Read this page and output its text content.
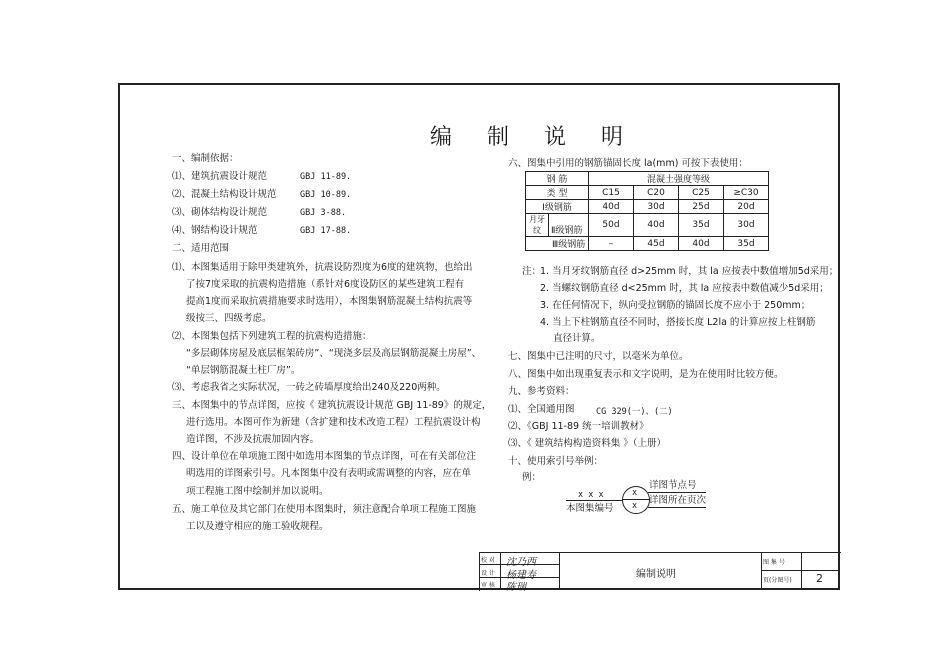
编 制 说 明
一、编制依据：
⑴、建筑抗震设计规范	GBJ 11-89.
⑵、混凝土结构设计规范	GBJ 10-89.
⑶、砌体结构设计规范	GBJ 3-88.
⑷、钢结构设计规范	GBJ 17-88.
二、适用范围
⑴、本图集适用于除甲类建筑外，抗震设防烈度为6度的建筑物，也给出
了按7度采取的抗震构造措施（系针对6度设防区的某些建筑工程有
提高1度而采取抗震措施要求时选用），本图集钢筋混凝土结构抗震等
级按三、四级考虑。
⑵、本图集包括下列建筑工程的抗震构造措施：
“多层砌体房屋及底层框架砖房”、“现浇多层及高层钢筋混凝土房屋”、
“单层钢筋混凝土柱厂房”。
⑶、考虑我省之实际状况，一砖之砖墙厚度给出240及220两种。
三、本图集中的节点详图，应按《 建筑抗震设计规范 GBJ 11-89》的规定，
进行选用。本图可作为新建（含扩建和技术改造工程）工程抗震设计构
造详图，不涉及抗震加固内容。
四、设计单位在单项施工图中如选用本图集的节点详图，可在有关部位注
明选用的详图索引号。凡本图集中没有表明或需调整的内容，应在单
项工程施工图中绘制并加以说明。
五、施工单位及其它部门在使用本图集时，须注意配合单项工程施工图施
工以及遵守相应的施工验收规程。
六、图集中引用的钢筋锚固长度 la(mm) 可按下表使用：
钢 筋	混凝土强度等级			
类 型	C15	C20	C25	≥C30
Ⅰ级钢筋	40d	30d	25d	20d
月牙纹 Ⅱ级钢筋	50d	40d	35d	30d
Ⅲ级钢筋	–	45d	40d	35d
注：
1. 当月牙纹钢筋直径 d>25mm 时，其 la 应按表中数值增加5d采用；
2. 当螺纹钢筋直径 d<25mm 时，其 la 应按表中数值减少5d采用；
3. 在任何情况下，纵向受拉钢筋的锚固长度不应小于 250mm；
4. 当上下柱钢筋直径不同时，搭接长度 L2la 的计算应按上柱钢筋
直径计算。
七、图集中已注明的尺寸，以毫米为单位。
八、图集中如出现重复表示和文字说明，是为在使用时比较方便。
九、参考资料：
⑴、全国通用图	CG 329(一)、(二)
⑵、《GBJ 11-89 统一培训教材》
⑶、《 建筑结构构造资料集 》（上册）
十、使用索引号举例：
例：
x x x
本图集编号
x
x
详图节点号
详图所在页次
校 对
设 计
审 核
沈乃西
杨建寿
陈瑞
编制说明
图 集 号
页(分图号) 2
